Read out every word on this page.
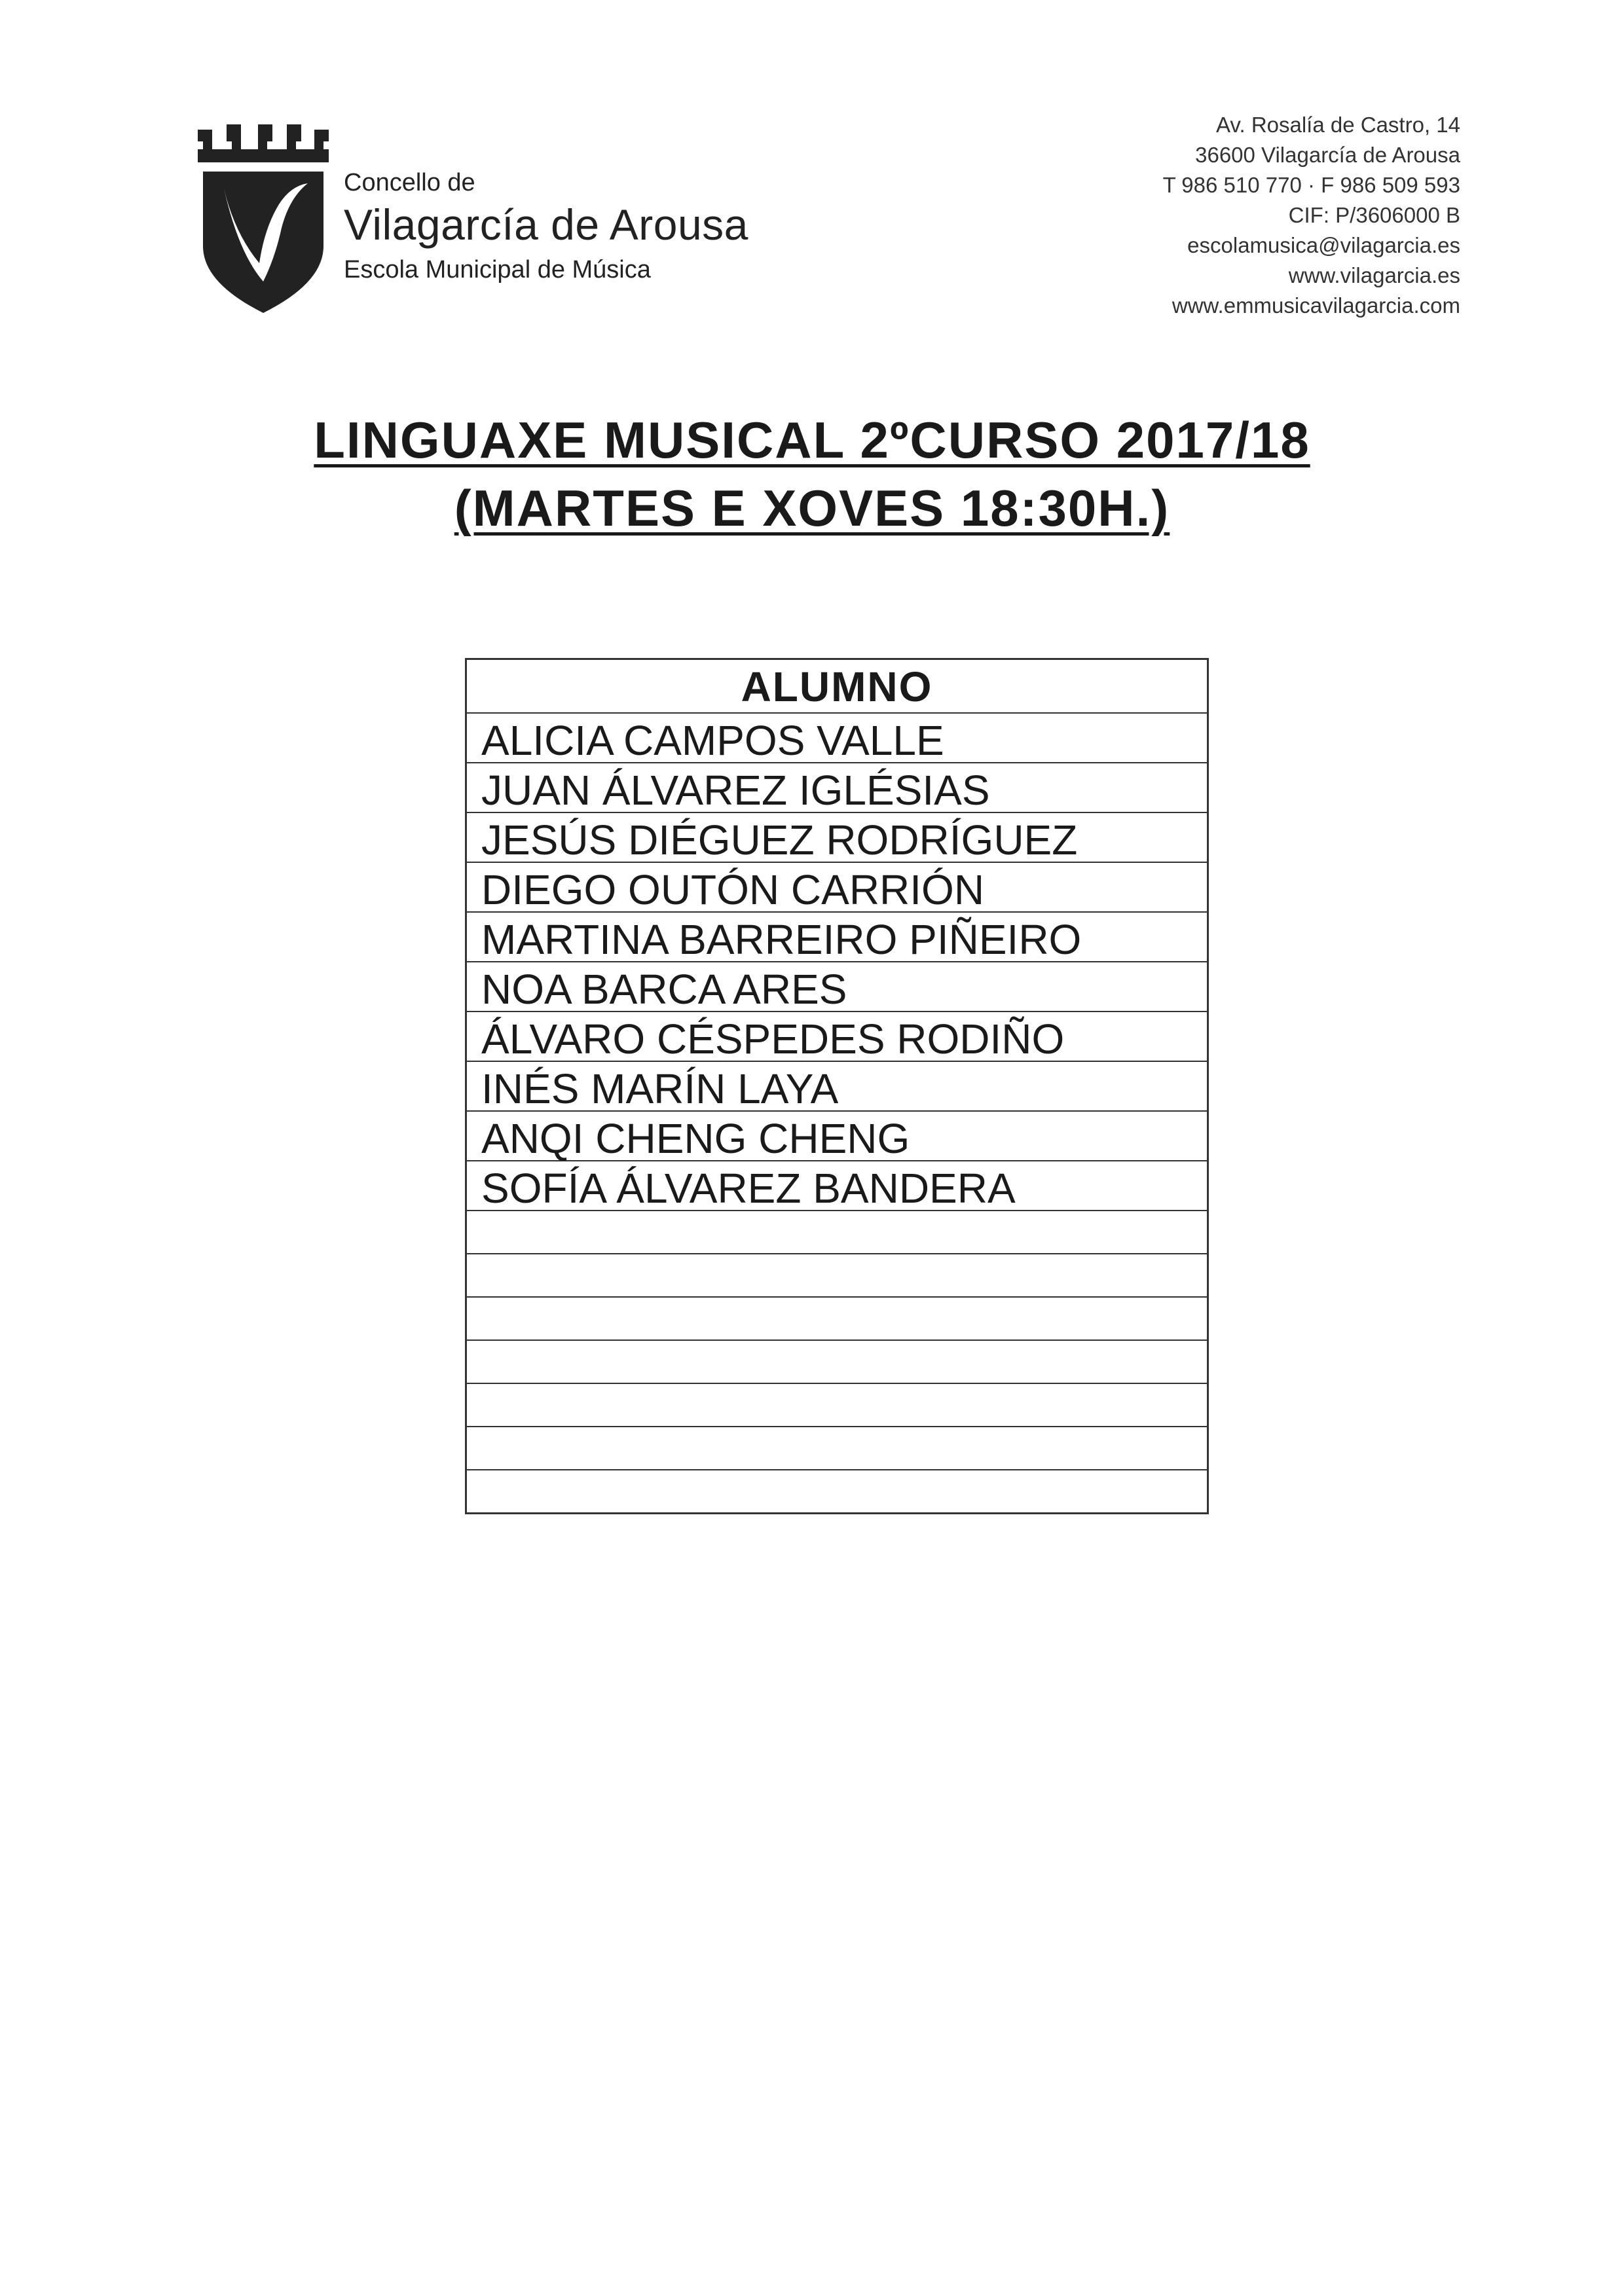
Concello de
Vilagarcía de Arousa
Escola Municipal de Música
Av. Rosalía de Castro, 14
36600 Vilagarcía de Arousa
T 986 510 770 · F 986 509 593
CIF: P/3606000 B
escolamusica@vilagarcia.es
www.vilagarcia.es
www.emmusicavilagarcia.com
LINGUAXE MUSICAL 2ºCURSO 2017/18
(MARTES E XOVES 18:30H.)
ALUMNO
ALICIA CAMPOS VALLE
JUAN ÁLVAREZ IGLÉSIAS
JESÚS DIÉGUEZ RODRÍGUEZ
DIEGO OUTÓN CARRIÓN
MARTINA BARREIRO PIÑEIRO
NOA BARCA ARES
ÁLVARO CÉSPEDES RODIÑO
INÉS MARÍN LAYA
ANQI CHENG CHENG
SOFÍA ÁLVAREZ BANDERA
